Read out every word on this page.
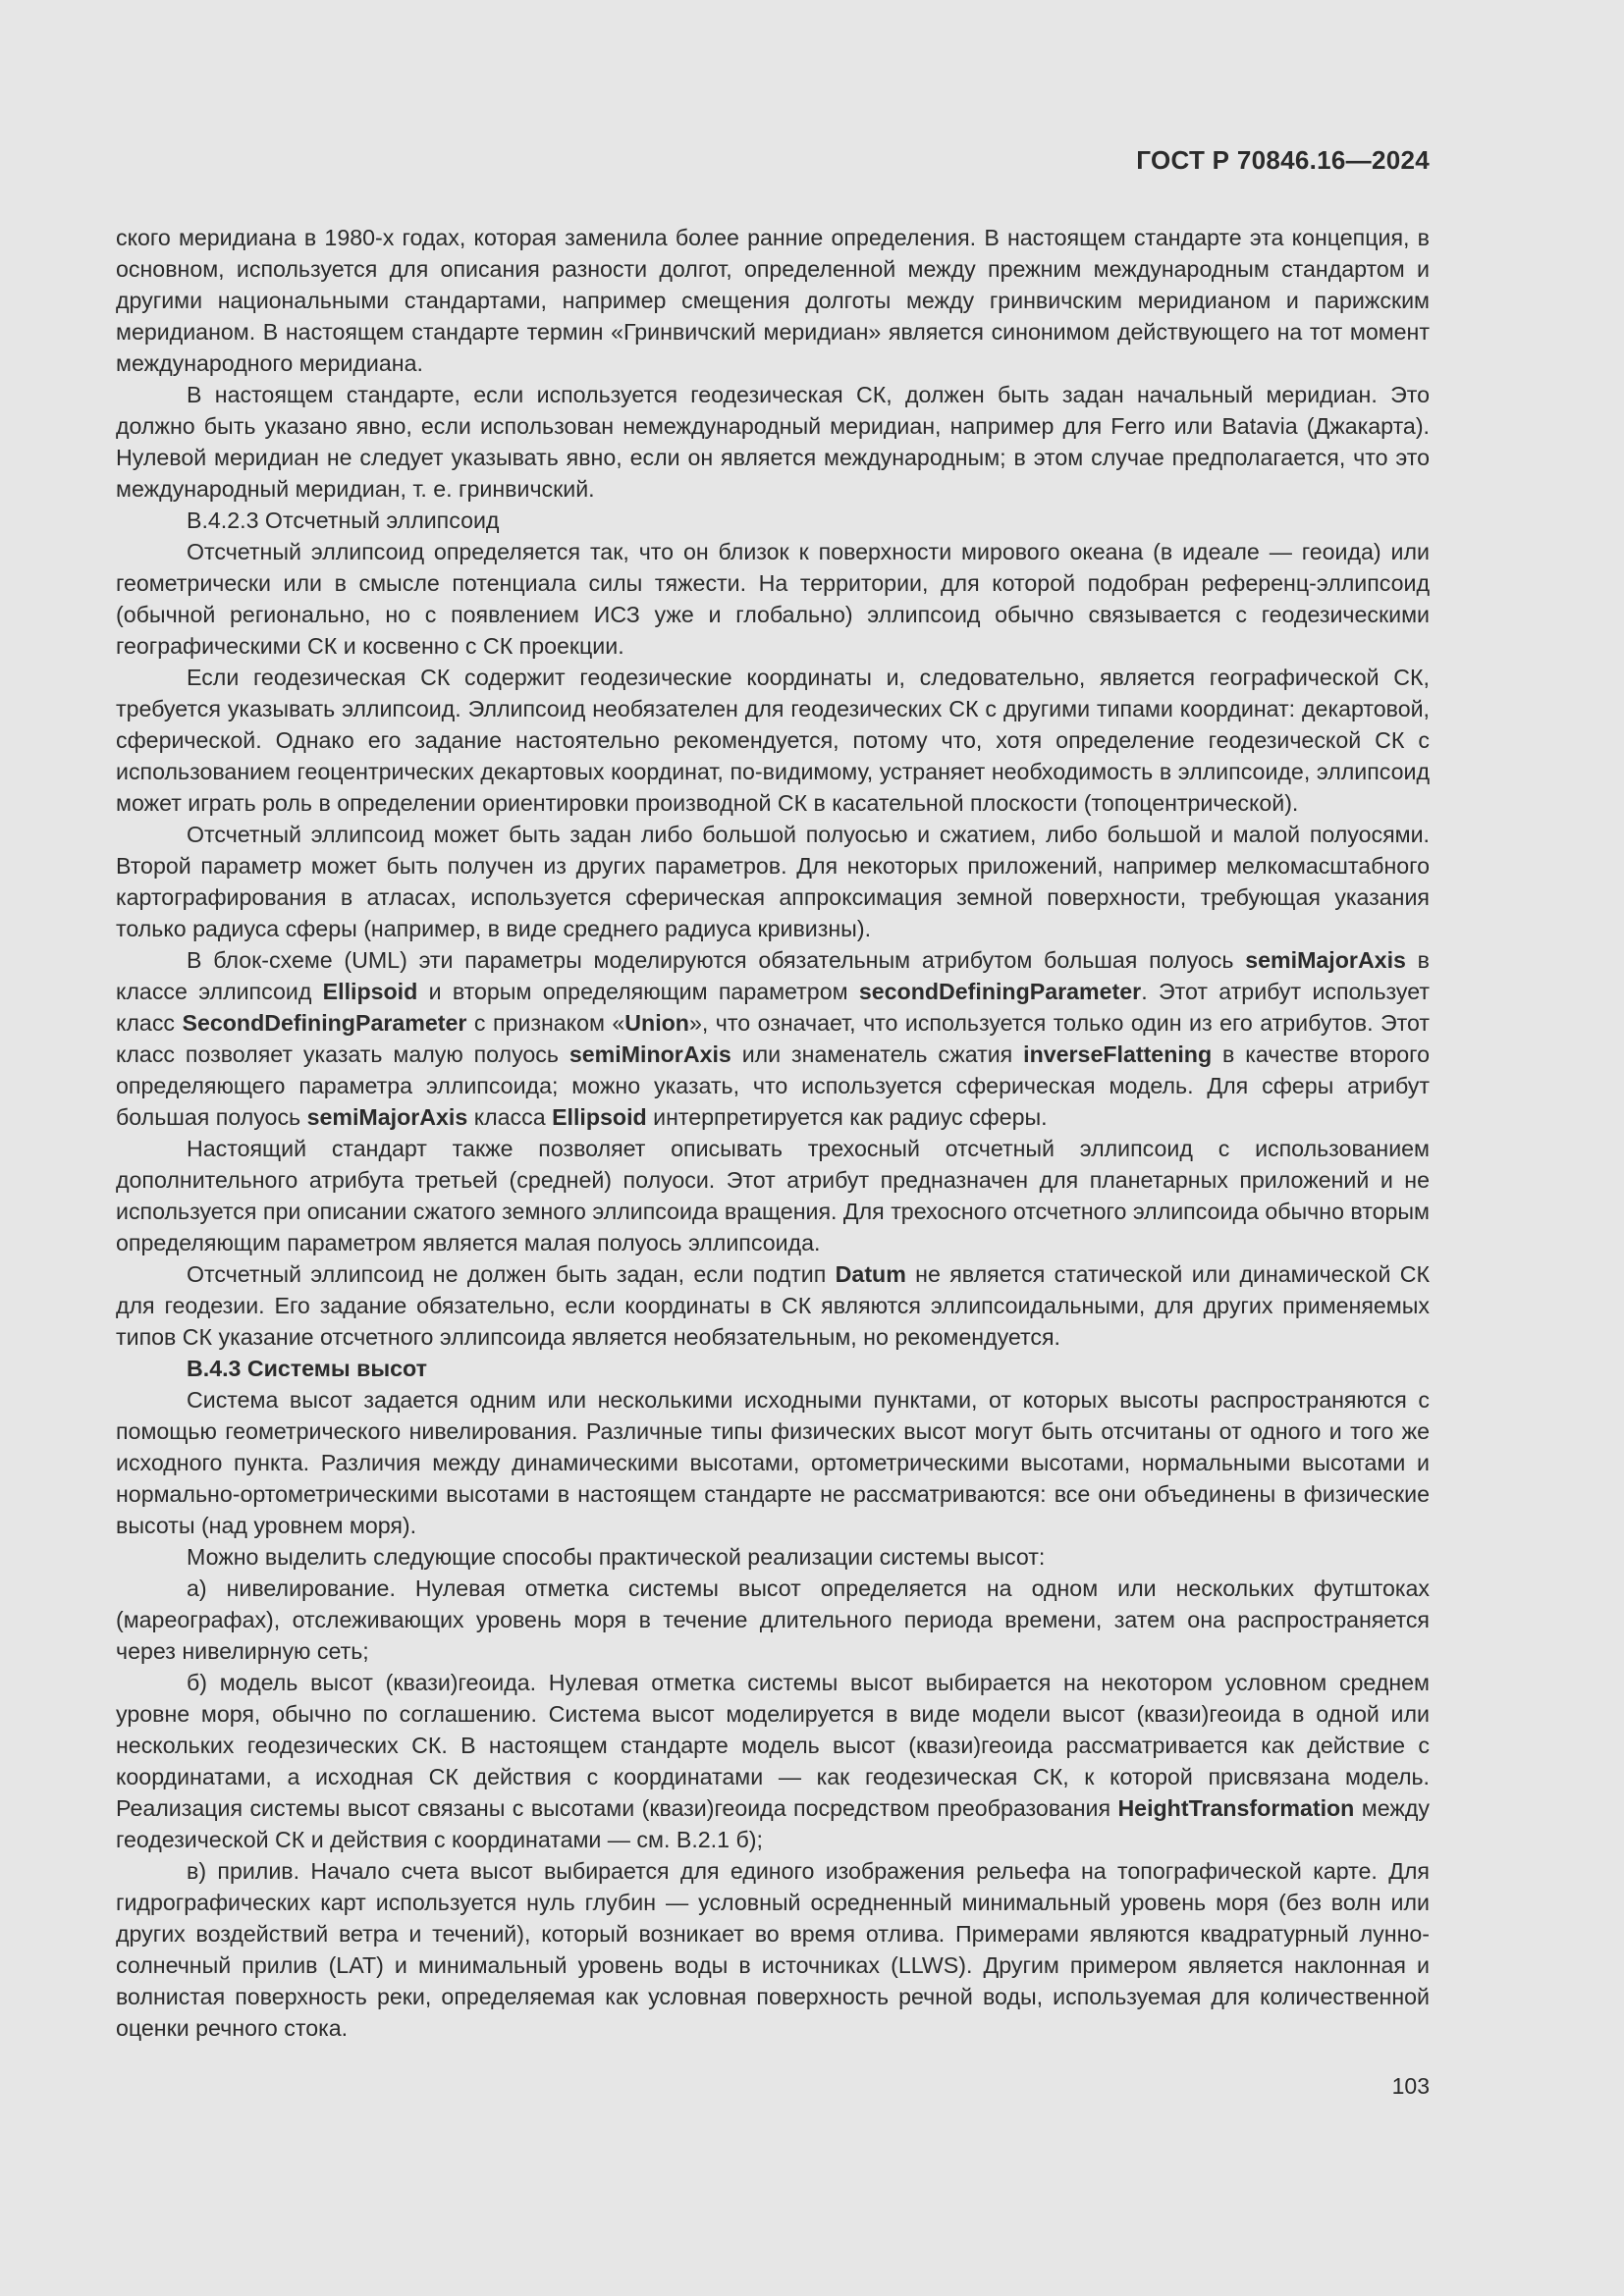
ГОСТ Р 70846.16—2024

ского меридиана в 1980-х годах, которая заменила более ранние определения. В настоящем стандарте эта концепция, в основном, используется для описания разности долгот, определенной между прежним международным стандартом и другими национальными стандартами, например смещения долготы между гринвичским меридианом и парижским меридианом. В настоящем стандарте термин «Гринвичский меридиан» является синонимом действующего на тот момент международного меридиана.

В настоящем стандарте, если используется геодезическая СК, должен быть задан начальный меридиан. Это должно быть указано явно, если использован немеждународный меридиан, например для Ferro или Batavia (Джакарта). Нулевой меридиан не следует указывать явно, если он является международным; в этом случае предполагается, что это международный меридиан, т. е. гринвичский.

В.4.2.3 Отсчетный эллипсоид

Отсчетный эллипсоид определяется так, что он близок к поверхности мирового океана (в идеале — геоида) или геометрически или в смысле потенциала силы тяжести. На территории, для которой подобран референц-эллипсоид (обычной регионально, но с появлением ИСЗ уже и глобально) эллипсоид обычно связывается с геодезическими географическими СК и косвенно с СК проекции.

Если геодезическая СК содержит геодезические координаты и, следовательно, является географической СК, требуется указывать эллипсоид. Эллипсоид необязателен для геодезических СК с другими типами координат: декартовой, сферической. Однако его задание настоятельно рекомендуется, потому что, хотя определение геодезической СК с использованием геоцентрических декартовых координат, по-видимому, устраняет необходимость в эллипсоиде, эллипсоид может играть роль в определении ориентировки производной СК в касательной плоскости (топоцентрической).

Отсчетный эллипсоид может быть задан либо большой полуосью и сжатием, либо большой и малой полуосями. Второй параметр может быть получен из других параметров. Для некоторых приложений, например мелкомасштабного картографирования в атласах, используется сферическая аппроксимация земной поверхности, требующая указания только радиуса сферы (например, в виде среднего радиуса кривизны).

В блок-схеме (UML) эти параметры моделируются обязательным атрибутом большая полуось semiMajorAxis в классе эллипсоид Ellipsoid и вторым определяющим параметром secondDefiningParameter. Этот атрибут использует класс SecondDefiningParameter с признаком «Union», что означает, что используется только один из его атрибутов. Этот класс позволяет указать малую полуось semiMinorAxis или знаменатель сжатия inverseFlattening в качестве второго определяющего параметра эллипсоида; можно указать, что используется сферическая модель. Для сферы атрибут большая полуось semiMajorAxis класса Ellipsoid интерпретируется как радиус сферы.

Настоящий стандарт также позволяет описывать трехосный отсчетный эллипсоид с использованием дополнительного атрибута третьей (средней) полуоси. Этот атрибут предназначен для планетарных приложений и не используется при описании сжатого земного эллипсоида вращения. Для трехосного отсчетного эллипсоида обычно вторым определяющим параметром является малая полуось эллипсоида.

Отсчетный эллипсоид не должен быть задан, если подтип Datum не является статической или динамической СК для геодезии. Его задание обязательно, если координаты в СК являются эллипсоидальными, для других применяемых типов СК указание отсчетного эллипсоида является необязательным, но рекомендуется.

В.4.3 Системы высот

Система высот задается одним или несколькими исходными пунктами, от которых высоты распространяются с помощью геометрического нивелирования. Различные типы физических высот могут быть отсчитаны от одного и того же исходного пункта. Различия между динамическими высотами, ортометрическими высотами, нормальными высотами и нормально-ортометрическими высотами в настоящем стандарте не рассматриваются: все они объединены в физические высоты (над уровнем моря).

Можно выделить следующие способы практической реализации системы высот:

а) нивелирование. Нулевая отметка системы высот определяется на одном или нескольких футштоках (мареографах), отслеживающих уровень моря в течение длительного периода времени, затем она распространяется через нивелирную сеть;

б) модель высот (квази)геоида. Нулевая отметка системы высот выбирается на некотором условном среднем уровне моря, обычно по соглашению. Система высот моделируется в виде модели высот (квази)геоида в одной или нескольких геодезических СК. В настоящем стандарте модель высот (квази)геоида рассматривается как действие с координатами, а исходная СК действия с координатами — как геодезическая СК, к которой присвязана модель. Реализация системы высот связаны с высотами (квази)геоида посредством преобразования HeightTransformation между геодезической СК и действия с координатами — см. В.2.1 б);

в) прилив. Начало счета высот выбирается для единого изображения рельефа на топографической карте. Для гидрографических карт используется нуль глубин — условный осредненный минимальный уровень моря (без волн или других воздействий ветра и течений), который возникает во время отлива. Примерами являются квадратурный лунно-солнечный прилив (LAT) и минимальный уровень воды в источниках (LLWS). Другим примером является наклонная и волнистая поверхность реки, определяемая как условная поверхность речной воды, используемая для количественной оценки речного стока.

103
